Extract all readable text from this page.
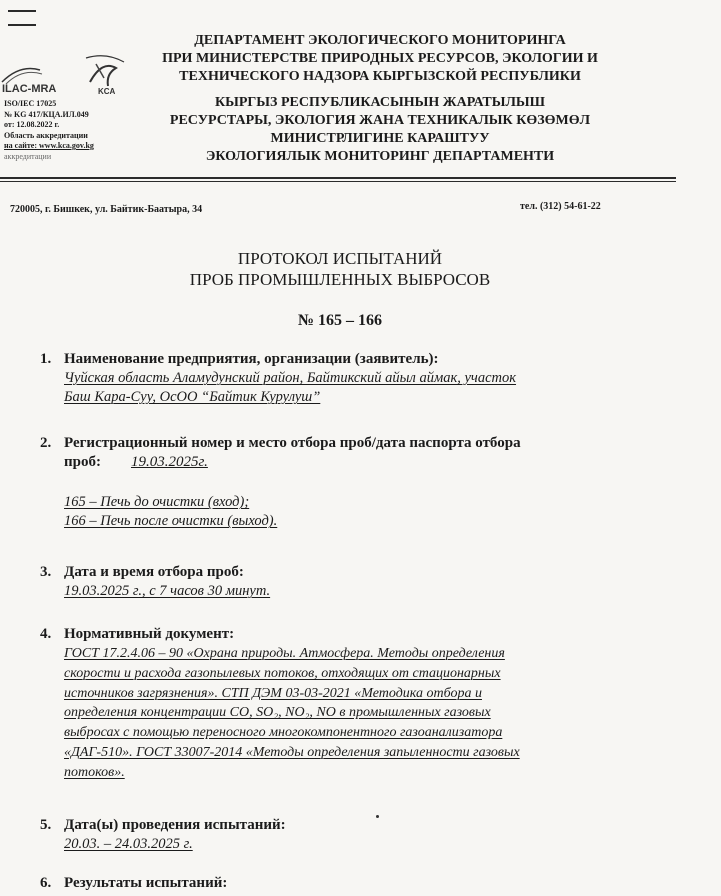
ILAC-MRA	KCA
ISO/IEC 17025
№ KG 417/КЦА.ИЛ.049
от: 12.08.2022 г.
Область аккредитации
на сайте: www.kca.gov.kg
аккредитации
ДЕПАРТАМЕНТ ЭКОЛОГИЧЕСКОГО МОНИТОРИНГА
ПРИ МИНИСТЕРСТВЕ ПРИРОДНЫХ РЕСУРСОВ, ЭКОЛОГИИ И
ТЕХНИЧЕСКОГО НАДЗОРА КЫРГЫЗСКОЙ РЕСПУБЛИКИ
КЫРГЫЗ РЕСПУБЛИКАСЫНЫН ЖАРАТЫЛЫШ
РЕСУРСТАРЫ, ЭКОЛОГИЯ ЖАНА ТЕХНИКАЛЫК КӨЗӨМӨЛ
МИНИСТРЛИГИНЕ КАРАШТУУ
ЭКОЛОГИЯЛЫК МОНИТОРИНГ ДЕПАРТАМЕНТИ
720005, г. Бишкек, ул. Байтик-Баатыра, 34	тел. (312) 54-61-22
ПРОТОКОЛ ИСПЫТАНИЙ
ПРОБ ПРОМЫШЛЕННЫХ ВЫБРОСОВ
№ 165 – 166
1. Наименование предприятия, организации (заявитель):
Чуйская область Аламудунский район, Байтикский айыл аймак, участок
Баш Кара-Суу, ОсОО “Байтик Курулуш”
2. Регистрационный номер и место отбора проб/дата паспорта отбора
проб: 19.03.2025г.
165 – Печь до очистки (вход);
166 – Печь после очистки (выход).
3. Дата и время отбора проб:
19.03.2025 г., с 7 часов 30 минут.
4. Нормативный документ:
ГОСТ 17.2.4.06 – 90 «Охрана природы. Атмосфера. Методы определения
скорости и расхода газопылевых потоков, отходящих от стационарных
источников загрязнения». СТП ДЭМ 03-03-2021 «Методика отбора и
определения концентрации СО, SO₂, NO₂, NO в промышленных газовых
выбросах с помощью переносного многокомпонентного газоанализатора
«ДАГ-510». ГОСТ 33007-2014 «Методы определения запыленности газовых
потоков».
5. Дата(ы) проведения испытаний:
20.03. – 24.03.2025 г.
6. Результаты испытаний:
